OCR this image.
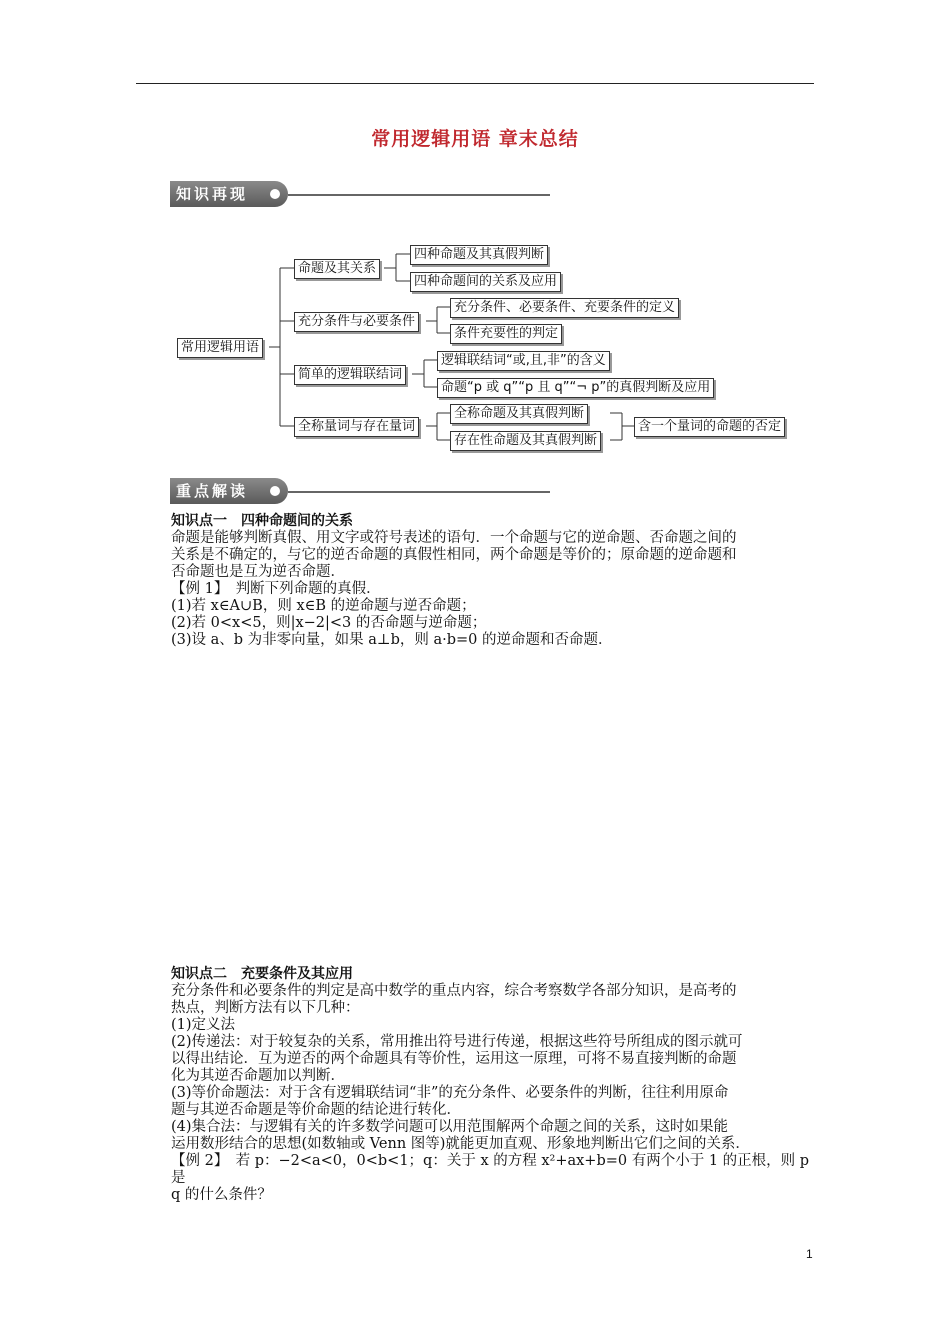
常用逻辑用语 章末总结
知识再现
常用逻辑用语
命题及其关系
四种命题及其真假判断
四种命题间的关系及应用
充分条件与必要条件
充分条件、必要条件、充要条件的定义
条件充要性的判定
简单的逻辑联结词
逻辑联结词“或,且,非”的含义
命题“p 或 q”“p 且 q”“¬ p”的真假判断及应用
全称量词与存在量词
全称命题及其真假判断
存在性命题及其真假判断
含一个量词的命题的否定
重点解读

知识点一　四种命题间的关系

命题是能够判断真假、用文字或符号表述的语句．一个命题与它的逆命题、否命题之间的

关系是不确定的，与它的逆否命题的真假性相同，两个命题是等价的；原命题的逆命题和

否命题也是互为逆否命题．

【例 1】　判断下列命题的真假．

(1)若 x∈A∪B，则 x∈B 的逆命题与逆否命题；

(2)若 0<x<5，则|x−2|<3 的否命题与逆命题；

(3)设 a、b 为非零向量，如果 a⊥b，则 a·b=0 的逆命题和否命题．

知识点二　充要条件及其应用

充分条件和必要条件的判定是高中数学的重点内容，综合考察数学各部分知识，是高考的

热点，判断方法有以下几种：

(1)定义法

(2)传递法：对于较复杂的关系，常用推出符号进行传递，根据这些符号所组成的图示就可

以得出结论．互为逆否的两个命题具有等价性，运用这一原理，可将不易直接判断的命题

化为其逆否命题加以判断．

(3)等价命题法：对于含有逻辑联结词“非”的充分条件、必要条件的判断，往往利用原命

题与其逆否命题是等价命题的结论进行转化．

(4)集合法：与逻辑有关的许多数学问题可以用范围解两个命题之间的关系，这时如果能

运用数形结合的思想(如数轴或 Venn 图等)就能更加直观、形象地判断出它们之间的关系．

【例 2】　若 p：−2<a<0，0<b<1；q：关于 x 的方程 x²+ax+b=0 有两个小于 1 的正根，则 p 是

q 的什么条件？

1
